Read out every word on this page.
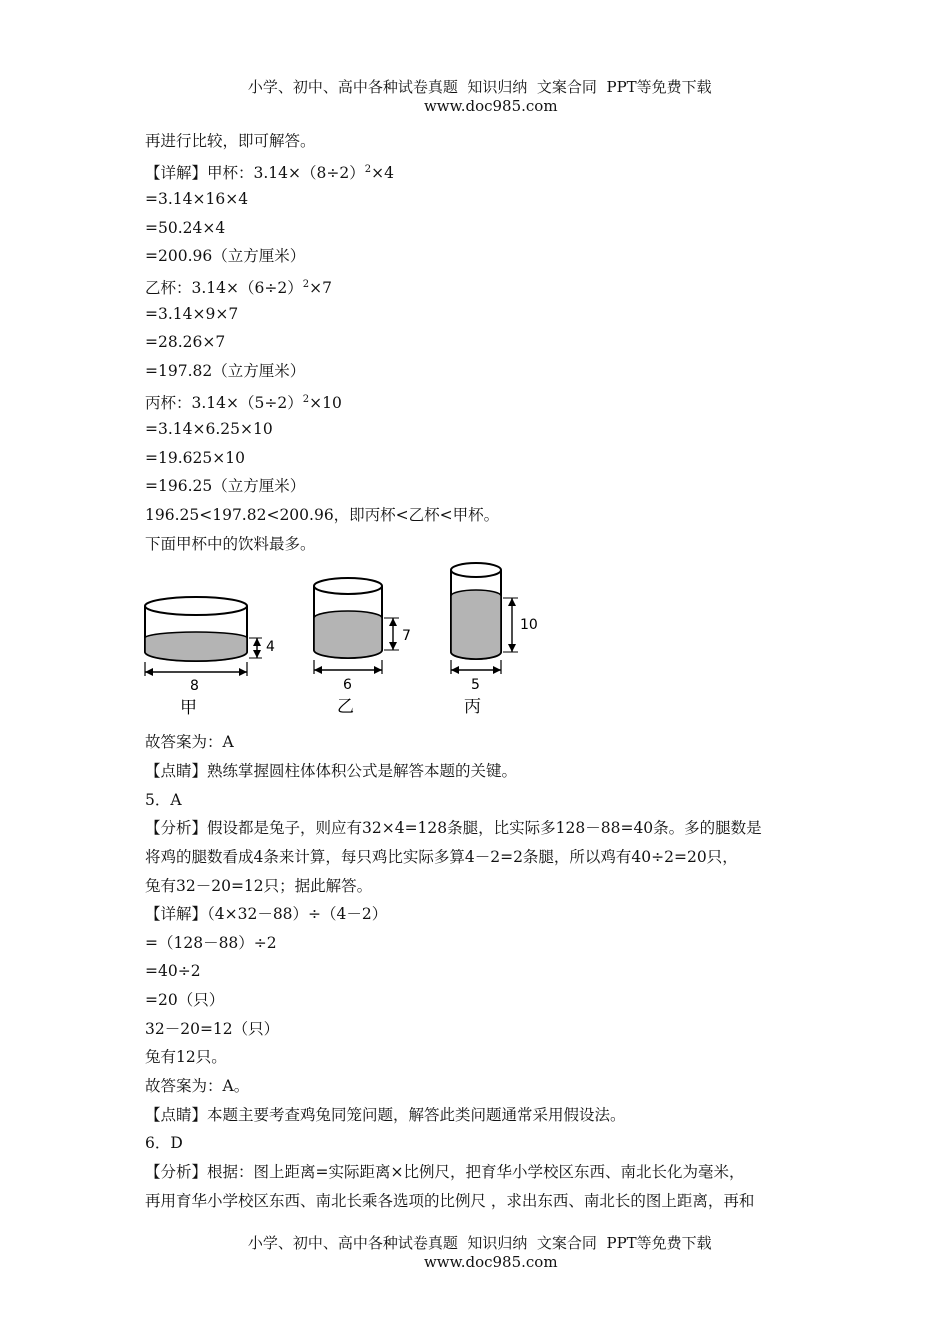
小学、初中、高中各种试卷真题  知识归纳  文案合同  PPT等免费下载
www.doc985.com

再进行比较，即可解答。
【详解】甲杯：$3.14\times(8\div 2)^2\times 4$
=3.14×16×4
=50.24×4
=200.96（立方厘米）
乙杯：$3.14\times(6\div 2)^2\times 7$
=3.14×9×7
=28.26×7
=197.82（立方厘米）
丙杯：$3.14\times(5\div 2)^2\times 10$
=3.14×6.25×10
=19.625×10
=196.25（立方厘米）
196.25<197.82<200.96，即丙杯<乙杯<甲杯。
下面甲杯中的饮料最多。
4
8
甲
7
6
乙
10
5
丙
故答案为：A
【点睛】熟练掌握圆柱体体积公式是解答本题的关键。
5．A
【分析】假设都是兔子，则应有32×4=128条腿，比实际多128－88=40条。多的腿数是
将鸡的腿数看成4条来计算，每只鸡比实际多算4－2=2条腿，所以鸡有40÷2=20只，
兔有32－20=12只；据此解答。
【详解】（4×32－88）÷（4－2）
=（128－88）÷2
=40÷2
=20（只）
32－20=12（只）
兔有12只。
故答案为：A。
【点睛】本题主要考查鸡兔同笼问题，解答此类问题通常采用假设法。
6．D
【分析】根据：图上距离=实际距离×比例尺，把育华小学校区东西、南北长化为毫米，
再用育华小学校区东西、南北长乘各选项的比例尺 ，求出东西、南北长的图上距离，再和

小学、初中、高中各种试卷真题  知识归纳  文案合同  PPT等免费下载
www.doc985.com
